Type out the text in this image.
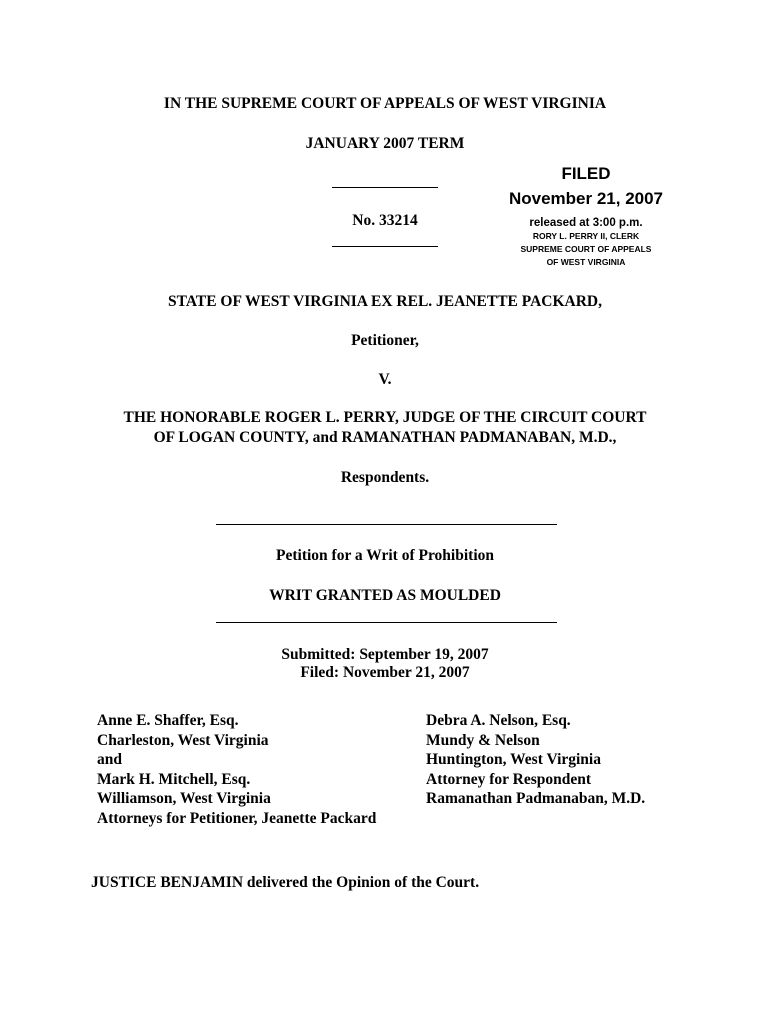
IN THE SUPREME COURT OF APPEALS OF WEST VIRGINIA
JANUARY 2007 TERM
No. 33214
FILED
November 21, 2007
released at 3:00 p.m.
RORY L. PERRY II, CLERK
SUPREME COURT OF APPEALS
OF WEST VIRGINIA
STATE OF WEST VIRGINIA EX REL. JEANETTE PACKARD,
Petitioner,
V.
THE HONORABLE ROGER L. PERRY, JUDGE OF THE CIRCUIT COURT
OF LOGAN COUNTY, and RAMANATHAN PADMANABAN, M.D.,
Respondents.
Petition for a Writ of Prohibition
WRIT GRANTED AS MOULDED
Submitted: September 19, 2007
Filed: November 21, 2007
Anne E. Shaffer, Esq.
Charleston, West Virginia
and
Mark H. Mitchell, Esq.
Williamson, West Virginia
Attorneys for Petitioner, Jeanette Packard
Debra A. Nelson, Esq.
Mundy & Nelson
Huntington, West Virginia
Attorney for Respondent
Ramanathan Padmanaban, M.D.
JUSTICE BENJAMIN delivered the Opinion of the Court.
